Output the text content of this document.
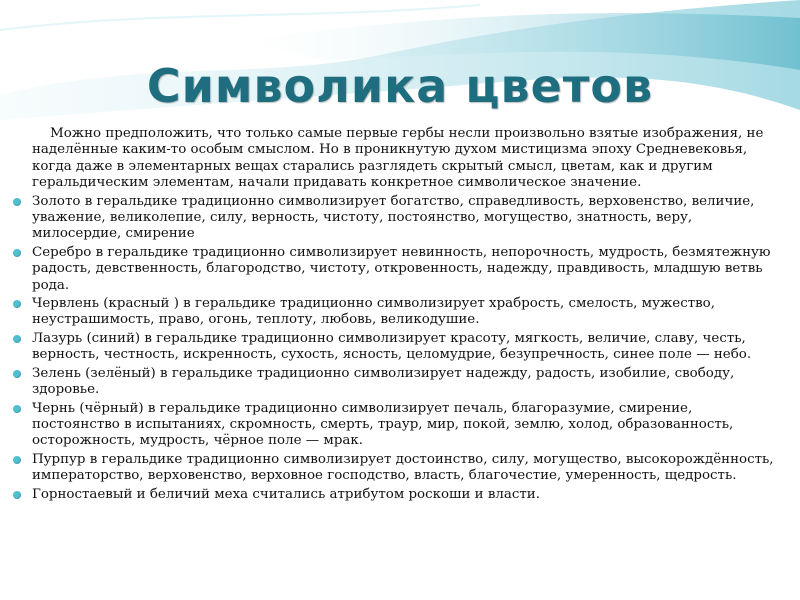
Символика цветов

Можно предположить, что только самые первые гербы несли произвольно взятые изображения, не наделённые каким-то особым смыслом. Но в проникнутую духом мистицизма эпоху Средневековья, когда даже в элементарных вещах старались разглядеть скрытый смысл, цветам, как и другим геральдическим элементам, начали придавать конкретное символическое значение.

Золото в геральдике традиционно символизирует богатство, справедливость, верховенство, величие, уважение, великолепие, силу, верность, чистоту, постоянство, могущество, знатность, веру, милосердие, смирение
Серебро в геральдике традиционно символизирует невинность, непорочность, мудрость, безмятежную радость, девственность, благородство, чистоту, откровенность, надежду, правдивость, младшую ветвь рода.
Червлень (красный ) в геральдике традиционно символизирует храбрость, смелость, мужество, неустрашимость, право, огонь, теплоту, любовь, великодушие.
Лазурь (синий) в геральдике традиционно символизирует красоту, мягкость, величие, славу, честь, верность, честность, искренность, сухость, ясность, целомудрие, безупречность, синее поле — небо.
Зелень (зелёный) в геральдике традиционно символизирует надежду, радость, изобилие, свободу, здоровье.
Чернь (чёрный) в геральдике традиционно символизирует печаль, благоразумие, смирение, постоянство в испытаниях, скромность, смерть, траур, мир, покой, землю, холод, образованность, осторожность, мудрость, чёрное поле — мрак.
Пурпур в геральдике традиционно символизирует достоинство, силу, могущество, высокорождённость, императорство, верховенство, верховное господство, власть, благочестие, умеренность, щедрость.
Горностаевый и беличий меха считались атрибутом роскоши и власти.
